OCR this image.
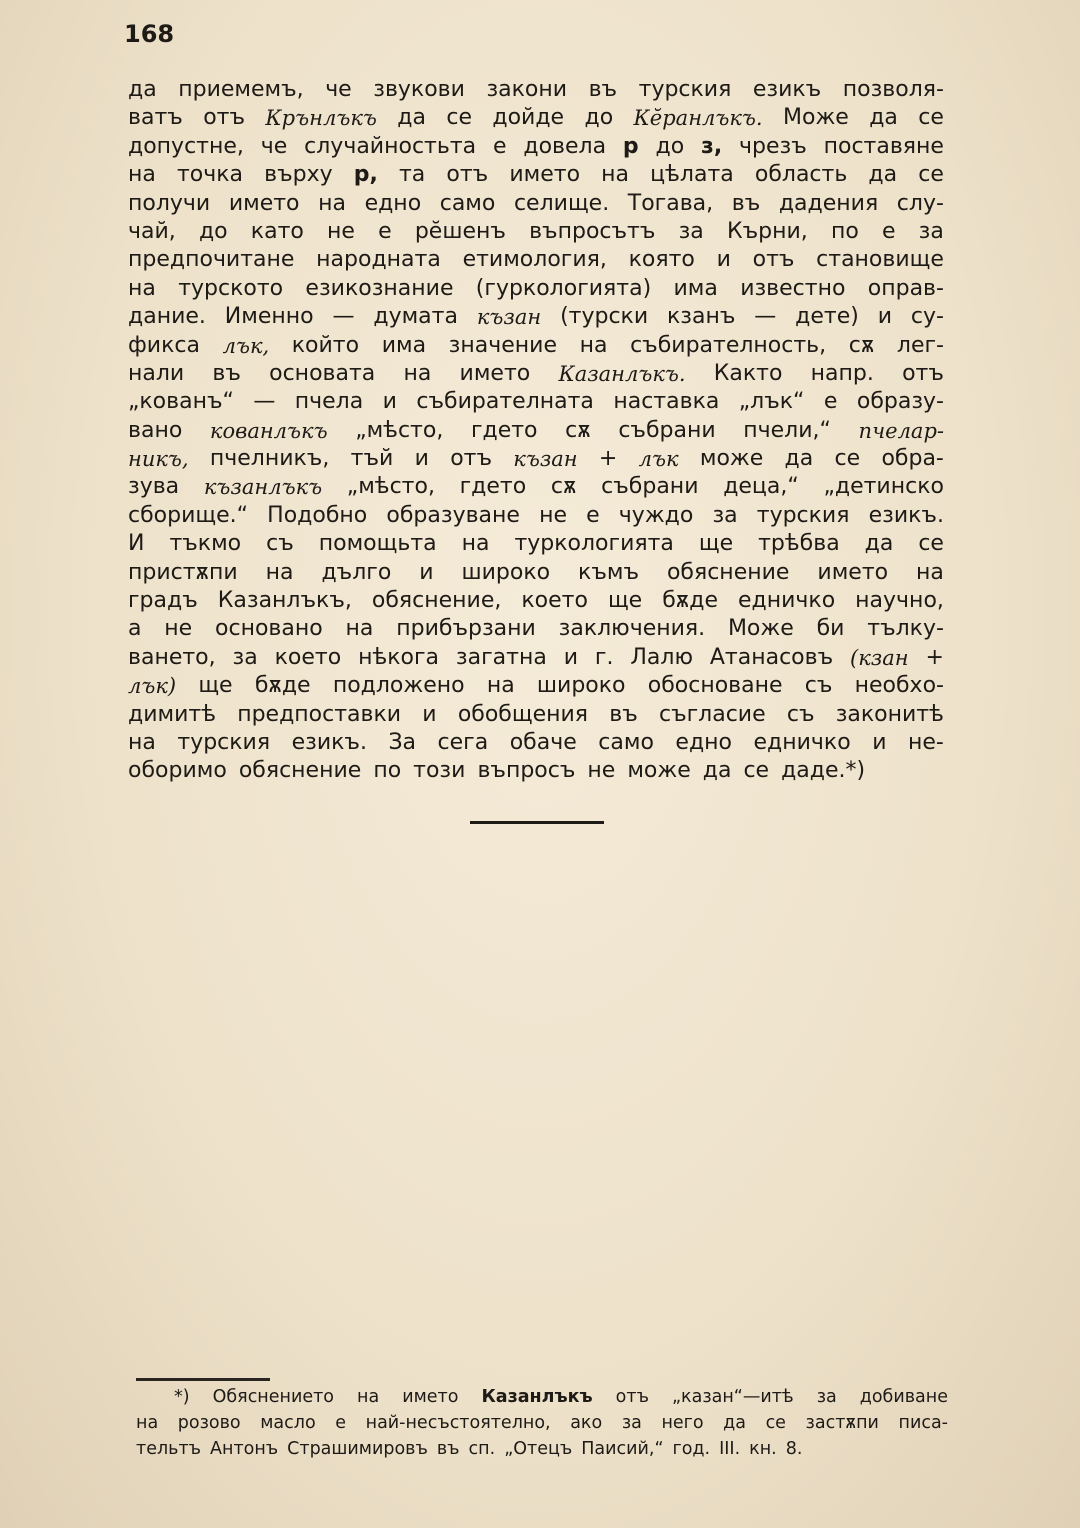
168
да приемемъ, че звукови закони въ турския езикъ позволя-
ватъ отъ Крънлъкъ да се дойде до Кĕранлъкъ. Може да се
допустне, че случайностьта е довела р до з, чрезъ поставяне
на точка върху р, та отъ името на цѣлата область да се
получи името на едно само селище. Тогава, въ дадения слу-
чай, до като не е рĕшенъ въпросътъ за Кърни, по е за
предпочитане народната етимология, която и отъ становище
на турското езикознание (гуркологията) има известно оправ-
дание. Именно — думата къзан (турски кзанъ — дете) и су-
фикса лък, който има значение на събирателность, сѫ лег-
нали въ основата на името Казанлъкъ. Както напр. отъ
„кованъ“ — пчела и събирателната наставка „лък“ е образу-
вано кованлъкъ „мѣсто, гдето сѫ събрани пчели,“ пчелар-
никъ, пчелникъ, тъй и отъ къзан + лък може да се обра-
зува къзанлъкъ „мѣсто, гдето сѫ събрани деца,“ „детинско
сборище.“ Подобно образуване не е чуждо за турския езикъ.
И тъкмо съ помощьта на туркологията ще трѣбва да се
пристѫпи на дълго и широко къмъ обяснение името на
градъ Казанлъкъ, обяснение, което ще бѫде едничко научно,
а не основано на прибързани заключения. Може би тълку-
ването, за което нѣкога загатна и г. Лалю Атанасовъ (кзан +
лък) ще бѫде подложено на широко обосноване съ необхо-
димитѣ предпоставки и обобщения въ съгласие съ законитѣ
на турския езикъ. За сега обаче само едно едничко и не-
оборимо обяснение по този въпросъ не може да се даде.*)
*) Обяснението на името Казанлъкъ отъ „казан“—итѣ за добиване
на розово масло е най-несъстоятелно, ако за него да се застѫпи писа-
тельтъ Антонъ Страшимировъ въ сп. „Отецъ Паисий,“ год. III. кн. 8.
